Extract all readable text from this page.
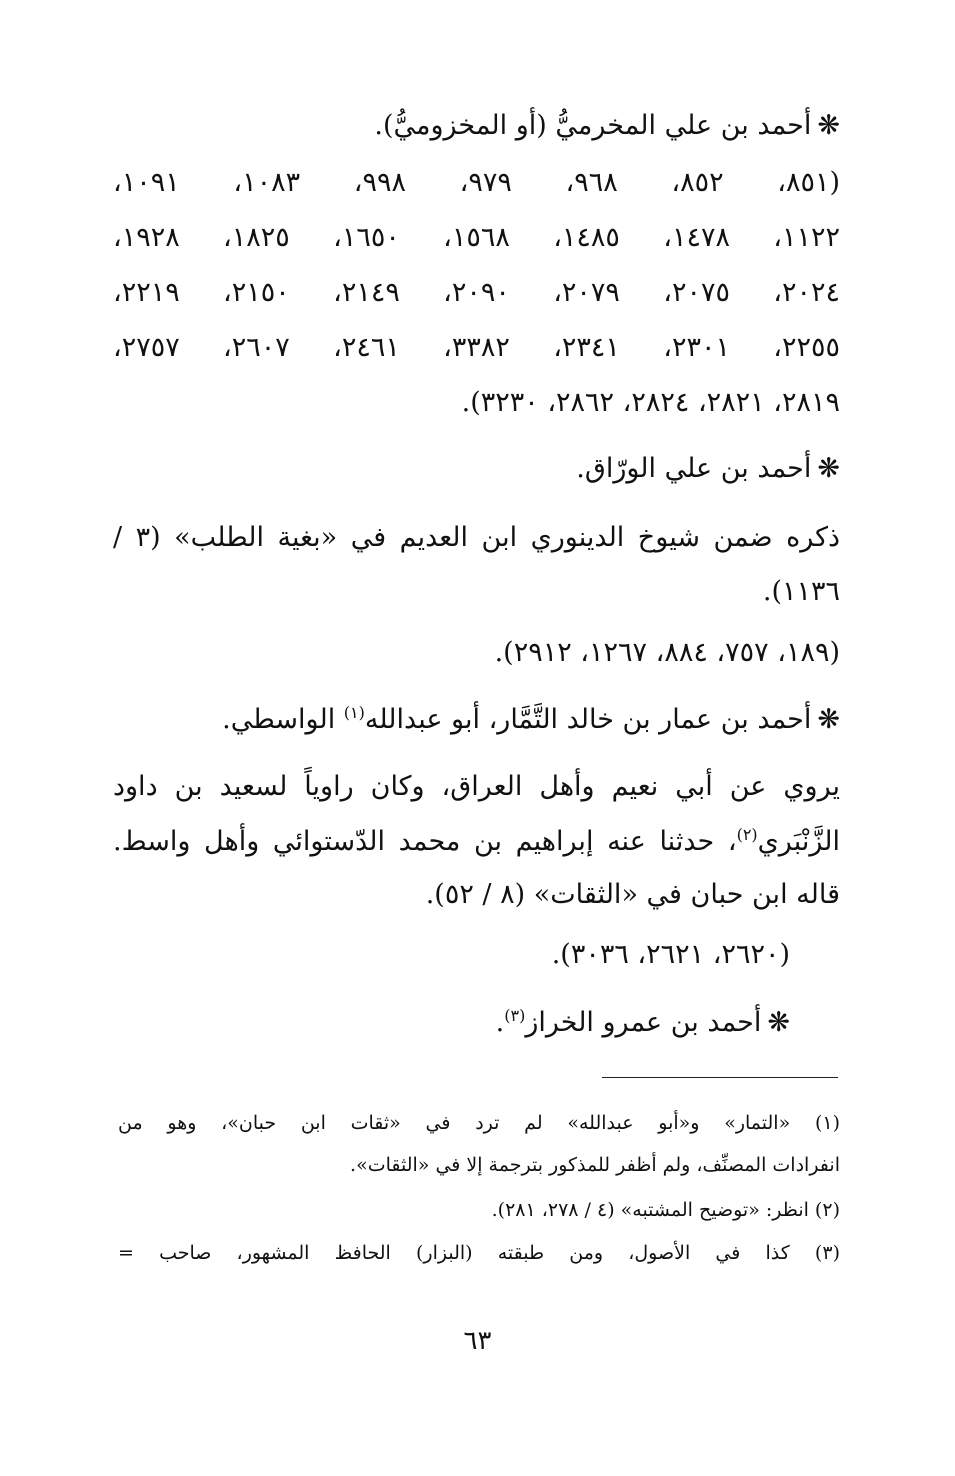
❋أحمد بن علي المخرميُّ (أو المخزوميُّ).
(٨٥١، ٨٥٢، ٩٦٨، ٩٧٩، ٩٩٨، ١٠٨٣، ١٠٩١،
١١٢٢، ١٤٧٨، ١٤٨٥، ١٥٦٨، ١٦٥٠، ١٨٢٥، ١٩٢٨،
٢٠٢٤، ٢٠٧٥، ٢٠٧٩، ٢٠٩٠، ٢١٤٩، ٢١٥٠، ٢٢١٩،
٢٢٥٥، ٢٣٠١، ٢٣٤١، ٣٣٨٢، ٢٤٦١، ٢٦٠٧، ٢٧٥٧،
٢٨١٩، ٢٨٢١، ٢٨٢٤، ٢٨٦٢، ٣٢٣٠).
❋أحمد بن علي الورّاق.
ذكره ضمن شيوخ الدينوري ابن العديم في «بغية الطلب» (٣ /
١١٣٦).
(١٨٩، ٧٥٧، ٨٨٤، ١٢٦٧، ٢٩١٢).
❋أحمد بن عمار بن خالد التَّمَّار، أبو عبدالله$^{(١)}$ الواسطي.
يروي عن أبي نعيم وأهل العراق، وكان راوياً لسعيد بن داود
الزَّنْبَري$^{(٢)}$، حدثنا عنه إبراهيم بن محمد الدّستوائي وأهل واسط.
قاله ابن حبان في «الثقات» (٨ / ٥٢).
(٢٦٢٠، ٢٦٢١، ٣٠٣٦).
❋أحمد بن عمرو الخراز$^{(٣)}$.
(١) «التمار» و«أبو عبدالله» لم ترد في «ثقات ابن حبان»، وهو من
انفرادات المصنِّف، ولم أظفر للمذكور بترجمة إلا في «الثقات».
(٢) انظر: «توضيح المشتبه» (٤ / ٢٧٨، ٢٨١).
(٣) كذا في الأصول، ومن طبقته (البزار) الحافظ المشهور، صاحب =
٦٣
